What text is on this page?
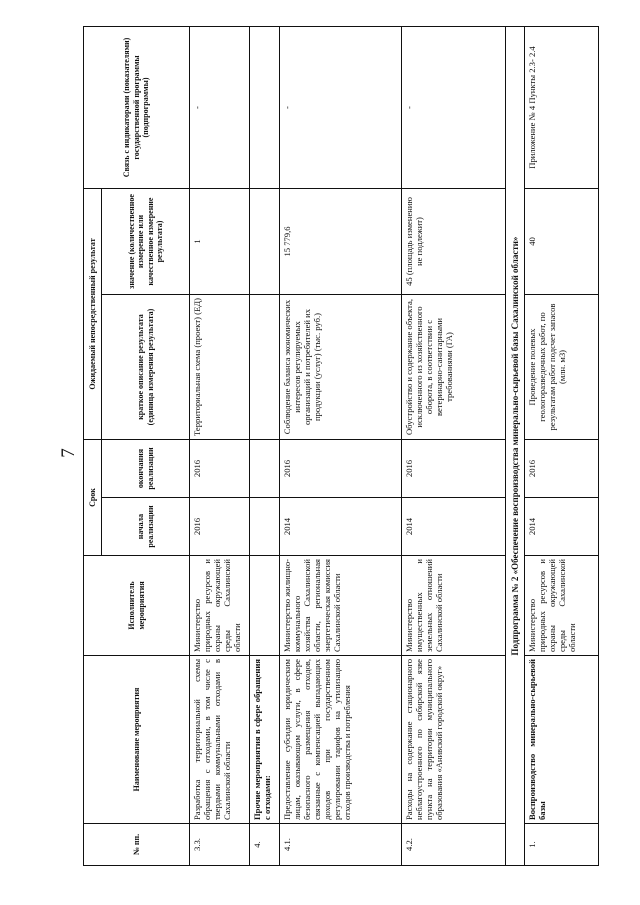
7
№ пп.	Наименование мероприятия	Исполнитель мероприятия	Срок		Ожидаемый непосредственный результат		Связь с индикаторами (показателями) государственной программы (подпрограммы)
			начала реализации	окончания реализации	краткое описание результата (единица измерения результата)	значение (количественное измерение или качественное измерение результата)	
3.3.	Разработка территориальной схемы обращения с отходами, в том числе с твердыми коммунальными отходами в Сахалинской области	Министерство природных ресурсов и охраны окружающей среды Сахалинской области	2016	2016	Территориальная схема (проект) (ЕД)	1	-
4.	Прочие мероприятия в сфере обращения с отходами:						
4.1.	Предоставление субсидии юридическим лицам, оказывающим услуги, в сфере безопасного размещения отходов, связанные с компенсацией выпадающих доходов при государственном регулировании тарифов на утилизацию отходов производства и потребления	Министерство жилищно-коммунального хозяйства Сахалинской области, региональная энергетическая комиссия Сахалинской области	2014	2016	Соблюдение баланса экономических интересов регулируемых организаций и потребителей их продукции (услуг) (тыс. руб.)	15 779,6	-
4.2.	Расходы на содержание стационарного неблагоустроенного по сибирской язве пункта на территории муниципального образования «Анивский городской округ»	Министерство имущественных и земельных отношений Сахалинской области	2014	2016	Обустройство и содержание объекта, исключенного из хозяйственного оборота, в соответствии с ветеринарно-санитарными требованиями (ГА)	45 (площадь изменению не подлежит)	-
Подпрограмма № 2 «Обеспечение воспроизводства минерально-сырьевой базы Сахалинской области»							
1.	Воспроизводство минерально-сырьевой базы	Министерство природных ресурсов и охраны окружающей среды Сахалинской области	2014	2016	Проведение полевых геологоразведочных работ, по результатам работ подсчет запасов (млн. м3)	40	Приложение № 4 Пункты 2.3- 2.4
